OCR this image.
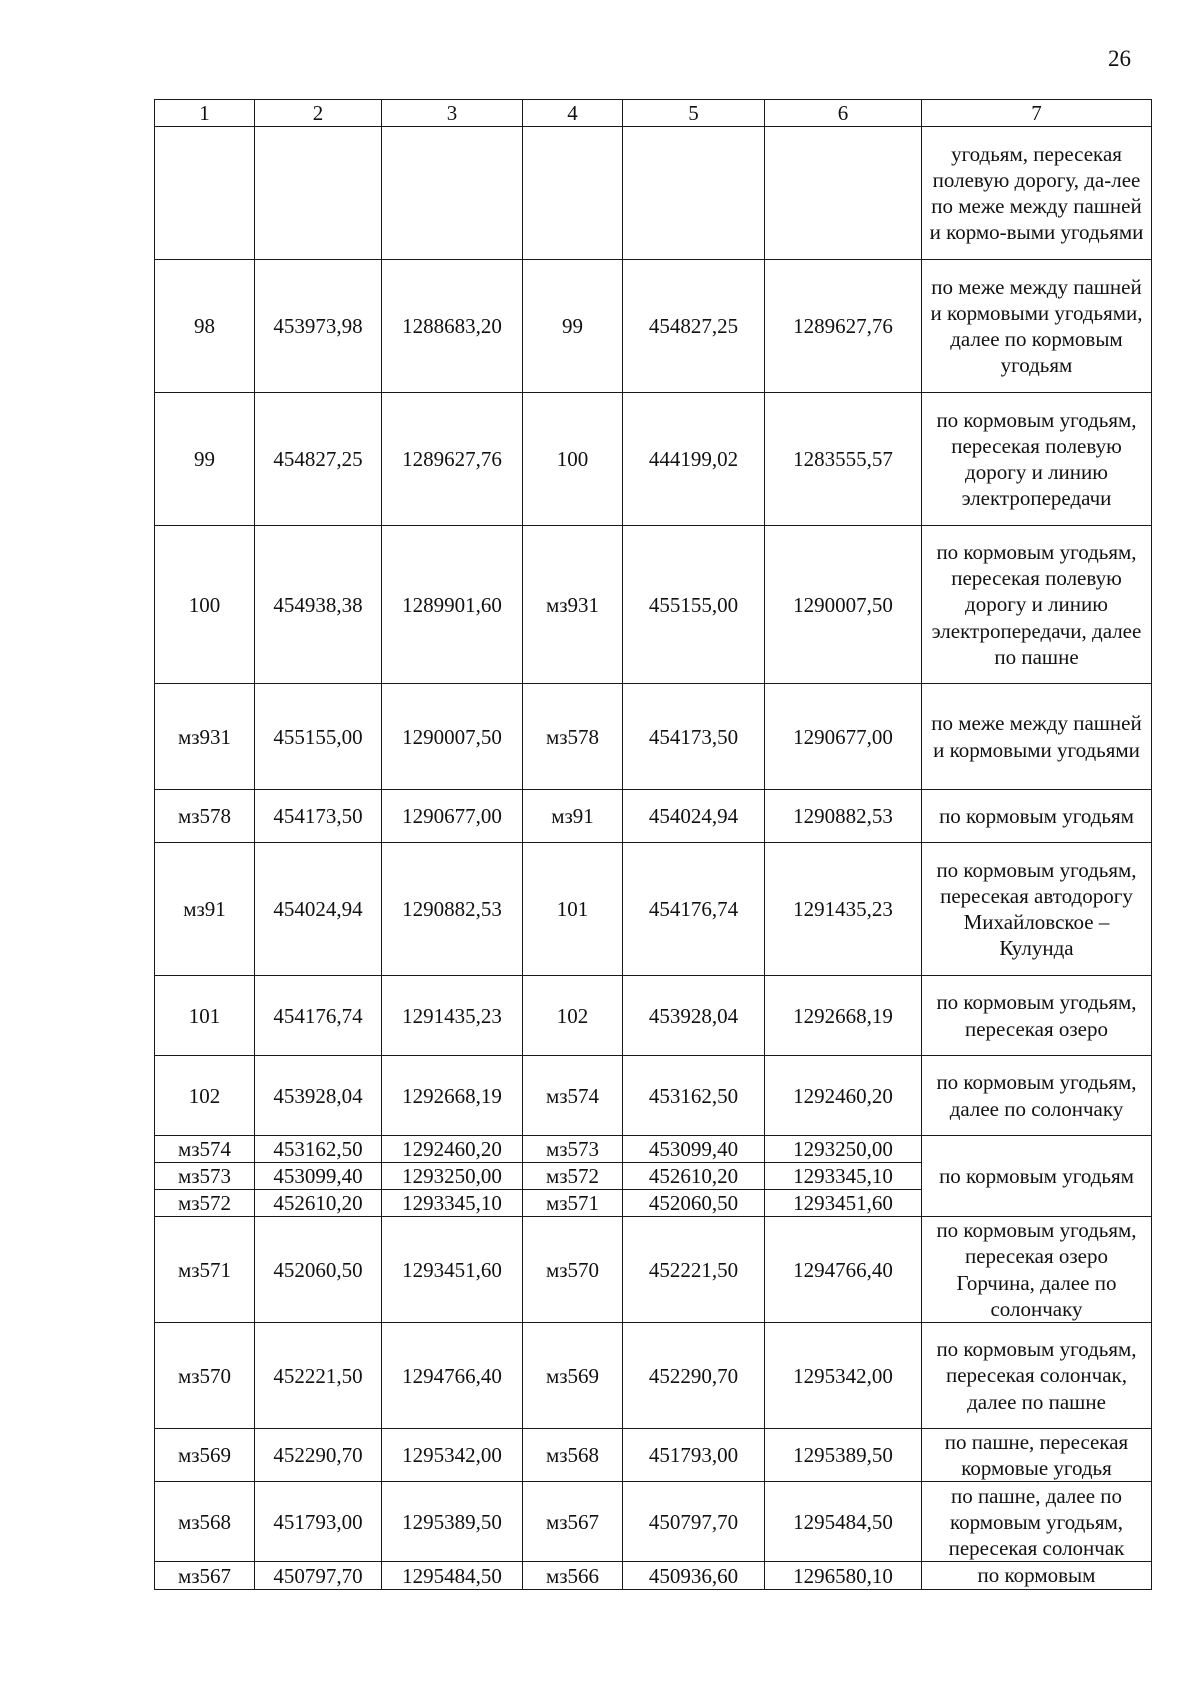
26
1	2	3	4	5	6	7
						угодьям, пересекая полевую дорогу, да-лее по меже между пашней и кормо-выми угодьями
98	453973,98	1288683,20	99	454827,25	1289627,76	по меже между пашней и кормовыми угодьями, далее по кормовым угодьям
99	454827,25	1289627,76	100	444199,02	1283555,57	по кормовым угодьям, пересекая полевую дорогу и линию электропередачи
100	454938,38	1289901,60	мз931	455155,00	1290007,50	по кормовым угодьям, пересекая полевую дорогу и линию электропередачи, далее по пашне
мз931	455155,00	1290007,50	мз578	454173,50	1290677,00	по меже между пашней и кормовыми угодьями
мз578	454173,50	1290677,00	мз91	454024,94	1290882,53	по кормовым угодьям
мз91	454024,94	1290882,53	101	454176,74	1291435,23	по кормовым угодьям, пересекая автодорогу Михайловское – Кулунда
101	454176,74	1291435,23	102	453928,04	1292668,19	по кормовым угодьям, пересекая озеро
102	453928,04	1292668,19	мз574	453162,50	1292460,20	по кормовым угодьям, далее по солончаку
мз574	453162,50	1292460,20	мз573	453099,40	1293250,00	по кормовым угодьям
мз573	453099,40	1293250,00	мз572	452610,20	1293345,10	
мз572	452610,20	1293345,10	мз571	452060,50	1293451,60	
мз571	452060,50	1293451,60	мз570	452221,50	1294766,40	по кормовым угодьям, пересекая озеро Горчина, далее по солончаку
мз570	452221,50	1294766,40	мз569	452290,70	1295342,00	по кормовым угодьям, пересекая солончак, далее по пашне
мз569	452290,70	1295342,00	мз568	451793,00	1295389,50	по пашне, пересекая кормовые угодья
мз568	451793,00	1295389,50	мз567	450797,70	1295484,50	по пашне, далее по кормовым угодьям, пересекая солончак
мз567	450797,70	1295484,50	мз566	450936,60	1296580,10	по кормовым
